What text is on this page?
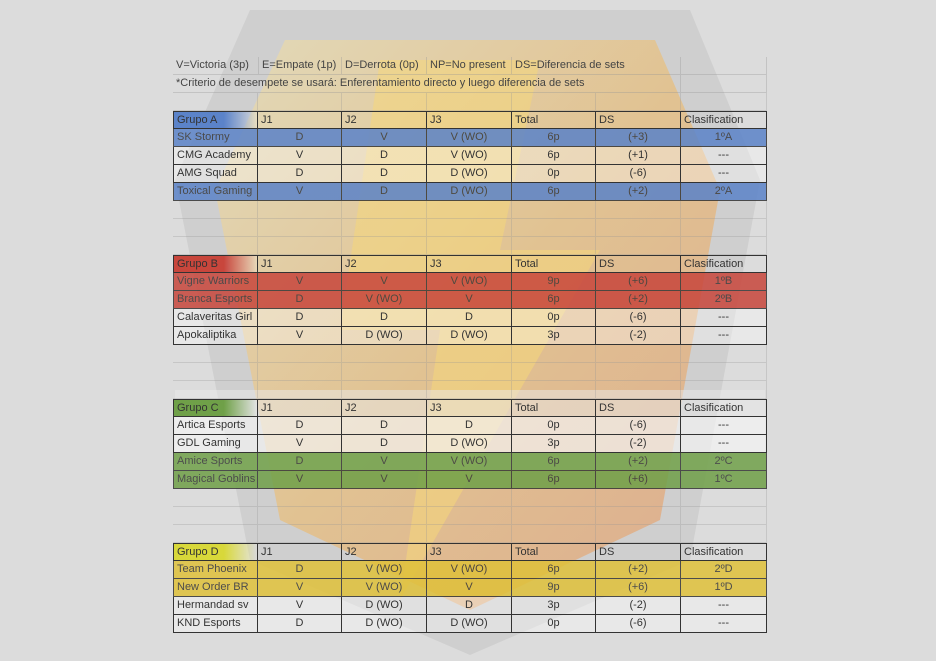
V=Victoria (3p)	E=Empate (1p) D=Derrota (0p)	NP=No present DS=Diferencia de sets
*Criterio de desempete se usará: Enferentamiento directo y luego diferencia de sets
Grupo A	J1	J2	J3	Total	DS	Clasification
SK Stormy	D	V	V (WO)	6p	(+3)	1ºA
CMG Academy	V	D	V (WO)	6p	(+1)	---
AMG Squad	D	D	D (WO)	0p	(-6)	---
Toxical Gaming	V	D	D (WO)	6p	(+2)	2ºA
Grupo B	J1	J2	J3	Total	DS	Clasification
Vigne Warriors	V	V	V (WO)	9p	(+6)	1ºB
Branca Esports	D	V (WO)	V	6p	(+2)	2ºB
Calaveritas Girl	D	D	D	0p	(-6)	---
Apokaliptika	V	D (WO)	D (WO)	3p	(-2)	---
Grupo C	J1	J2	J3	Total	DS	Clasification
Artica Esports	D	D	D	0p	(-6)	---
GDL Gaming	V	D	D (WO)	3p	(-2)	---
Amice Sports	D	V	V (WO)	6p	(+2)	2ºC
Magical Goblins	V	V	V	6p	(+6)	1ºC
Grupo D	J1	J2	J3	Total	DS	Clasification
Team Phoenix	D	V (WO)	V (WO)	6p	(+2)	2ºD
New Order BR	V	V (WO)	V	9p	(+6)	1ºD
Hermandad sv	V	D (WO)	D	3p	(-2)	---
KND Esports	D	D (WO)	D (WO)	0p	(-6)	---
